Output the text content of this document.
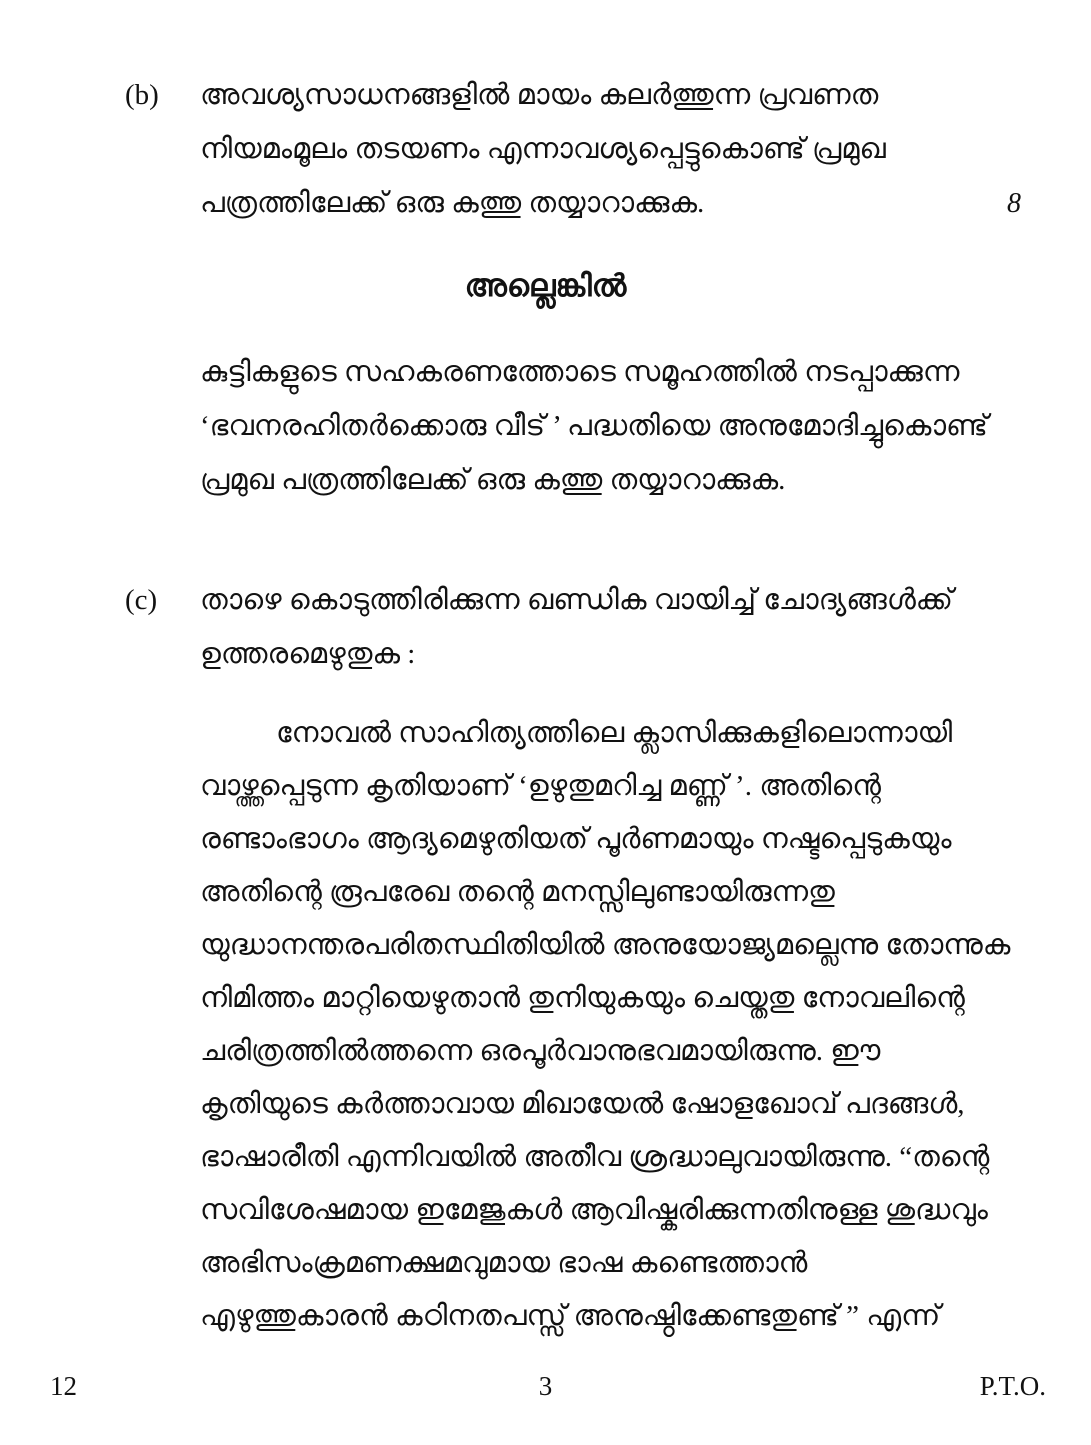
(b)	അവശ്യസാധനങ്ങളിൽ മായം കലർത്തുന്ന പ്രവണത
നിയമംമൂലം തടയണം എന്നാവശ്യപ്പെട്ടുകൊണ്ട് പ്രമുഖ
പത്രത്തിലേക്ക് ഒരു കത്തു തയ്യാറാക്കുക.	8
അല്ലെങ്കിൽ
കുട്ടികളുടെ സഹകരണത്തോടെ സമൂഹത്തിൽ നടപ്പാക്കുന്ന
‘ഭവനരഹിതർക്കൊരു വീട് ’ പദ്ധതിയെ അനുമോദിച്ചുകൊണ്ട്
പ്രമുഖ പത്രത്തിലേക്ക് ഒരു കത്തു തയ്യാറാക്കുക.
(c)	താഴെ കൊടുത്തിരിക്കുന്ന ഖണ്ഡിക വായിച്ച് ചോദ്യങ്ങൾക്ക്
ഉത്തരമെഴുതുക :
നോവൽ സാഹിത്യത്തിലെ ക്ലാസിക്കുകളിലൊന്നായി
വാഴ്ത്തപ്പെടുന്ന കൃതിയാണ് ‘ഉഴുതുമറിച്ച മണ്ണ് ’. അതിന്റെ
രണ്ടാംഭാഗം ആദ്യമെഴുതിയത് പൂർണമായും നഷ്ടപ്പെടുകയും
അതിന്റെ രൂപരേഖ തന്റെ മനസ്സിലുണ്ടായിരുന്നതു
യുദ്ധാനന്തരപരിതസ്ഥിതിയിൽ അനുയോജ്യമല്ലെന്നു തോന്നുക
നിമിത്തം മാറ്റിയെഴുതാൻ തുനിയുകയും ചെയ്തതു നോവലിന്റെ
ചരിത്രത്തിൽത്തന്നെ ഒരപൂർവാനുഭവമായിരുന്നു. ഈ
കൃതിയുടെ കർത്താവായ മിഖായേൽ ഷോളഖോവ് പദങ്ങൾ,
ഭാഷാരീതി എന്നിവയിൽ അതീവ ശ്രദ്ധാലുവായിരുന്നു. “തന്റെ
സവിശേഷമായ ഇമേജുകൾ ആവിഷ്കരിക്കുന്നതിനുള്ള ശുദ്ധവും
അഭിസംക്രമണക്ഷമവുമായ ഭാഷ കണ്ടെത്താൻ
എഴുത്തുകാരൻ കഠിനതപസ്സ് അനുഷ്ഠിക്കേണ്ടതുണ്ട് ” എന്ന്
12	3	P.T.O.
